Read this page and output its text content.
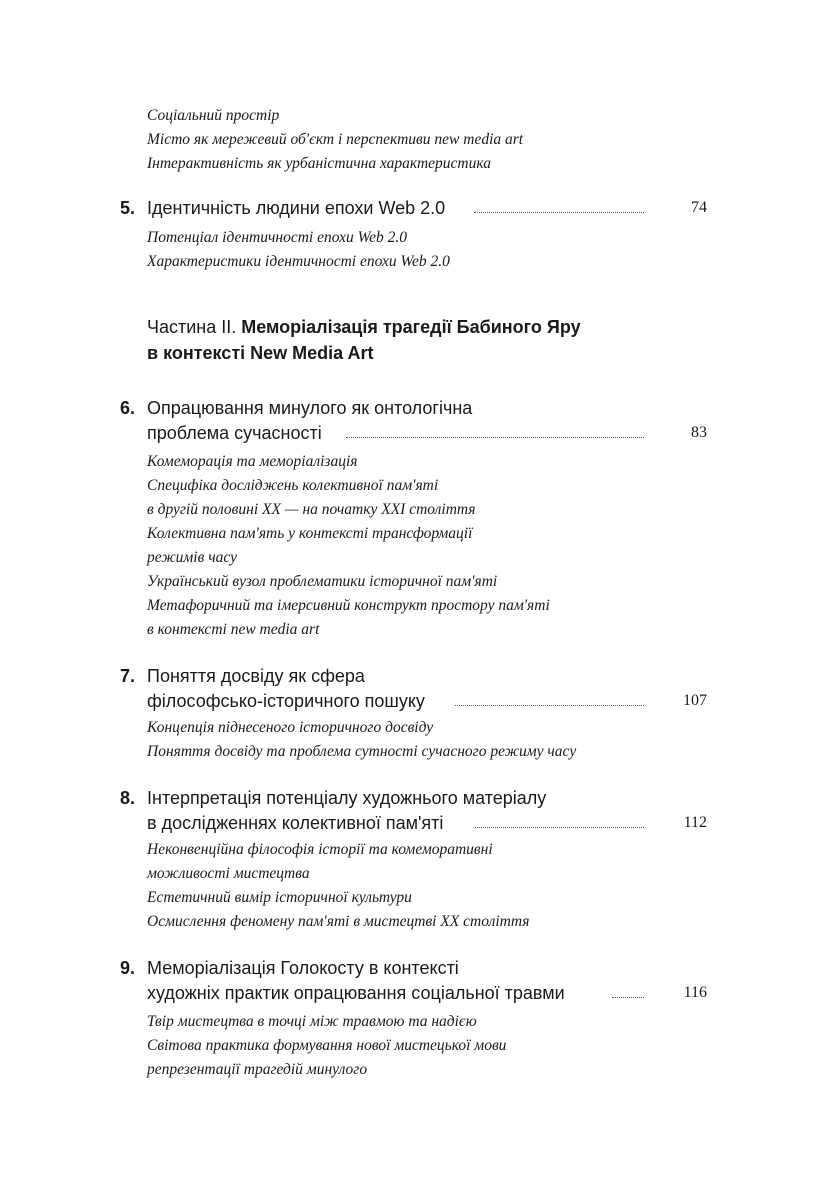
Соціальний простір
Місто як мережевий об'єкт і перспективи new media art
Інтерактивність як урбаністична характеристика
5. Ідентичність людини епохи Web 2.0	74
Потенціал ідентичності епохи Web 2.0
Характеристики ідентичності епохи Web 2.0
Частина II. Меморіалізація трагедії Бабиного Яру
в контексті New Media Art
6. Опрацювання минулого як онтологічна
проблема сучасності	83
Комеморація та меморіалізація
Специфіка досліджень колективної пам'яті
в другій половині XX — на початку XXI століття
Колективна пам'ять у контексті трансформації
режимів часу
Український вузол проблематики історичної пам'яті
Метафоричний та імерсивний конструкт простору пам'яті
в контексті new media art
7. Поняття досвіду як сфера
філософсько-історичного пошуку	107
Концепція піднесеного історичного досвіду
Поняття досвіду та проблема сутності сучасного режиму часу
8. Інтерпретація потенціалу художнього матеріалу
в дослідженнях колективної пам'яті	112
Неконвенційна філософія історії та комеморативні
можливості мистецтва
Естетичний вимір історичної культури
Осмислення феномену пам'яті в мистецтві XX століття
9. Меморіалізація Голокосту в контексті
художніх практик опрацювання соціальної травми	116
Твір мистецтва в точці між травмою та надією
Світова практика формування нової мистецької мови
репрезентації трагедій минулого
